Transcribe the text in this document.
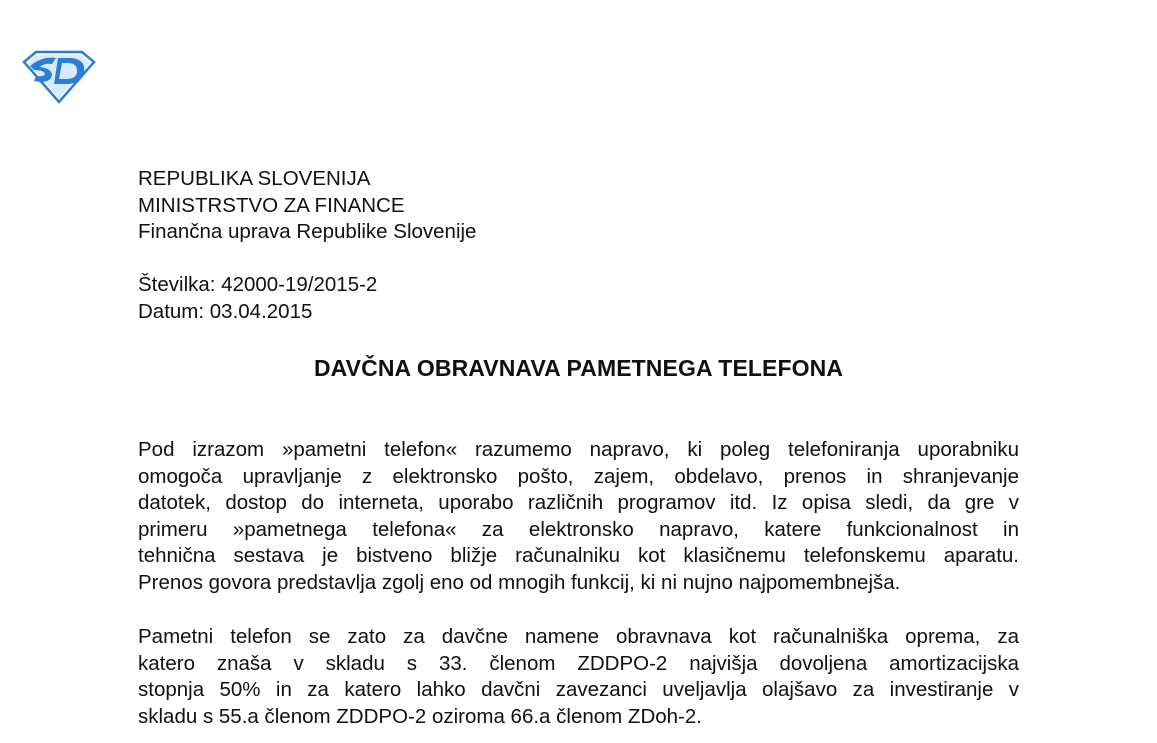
REPUBLIKA SLOVENIJA
MINISTRSTVO ZA FINANCE
Finančna uprava Republike Slovenije
Številka: 42000-19/2015-2
Datum: 03.04.2015
DAVČNA OBRAVNAVA PAMETNEGA TELEFONA

Pod izrazom »pametni telefon« razumemo napravo, ki poleg telefoniranja uporabniku
omogoča upravljanje z elektronsko pošto, zajem, obdelavo, prenos in shranjevanje
datotek, dostop do interneta, uporabo različnih programov itd. Iz opisa sledi, da gre v
primeru »pametnega telefona« za elektronsko napravo, katere funkcionalnost in
tehnična sestava je bistveno bližje računalniku kot klasičnemu telefonskemu aparatu.
Prenos govora predstavlja zgolj eno od mnogih funkcij, ki ni nujno najpomembnejša.

Pametni telefon se zato za davčne namene obravnava kot računalniška oprema, za
katero znaša v skladu s 33. členom ZDDPO-2 najvišja dovoljena amortizacijska
stopnja 50% in za katero lahko davčni zavezanci uveljavlja olajšavo za investiranje v
skladu s 55.a členom ZDDPO-2 oziroma 66.a členom ZDoh-2.
